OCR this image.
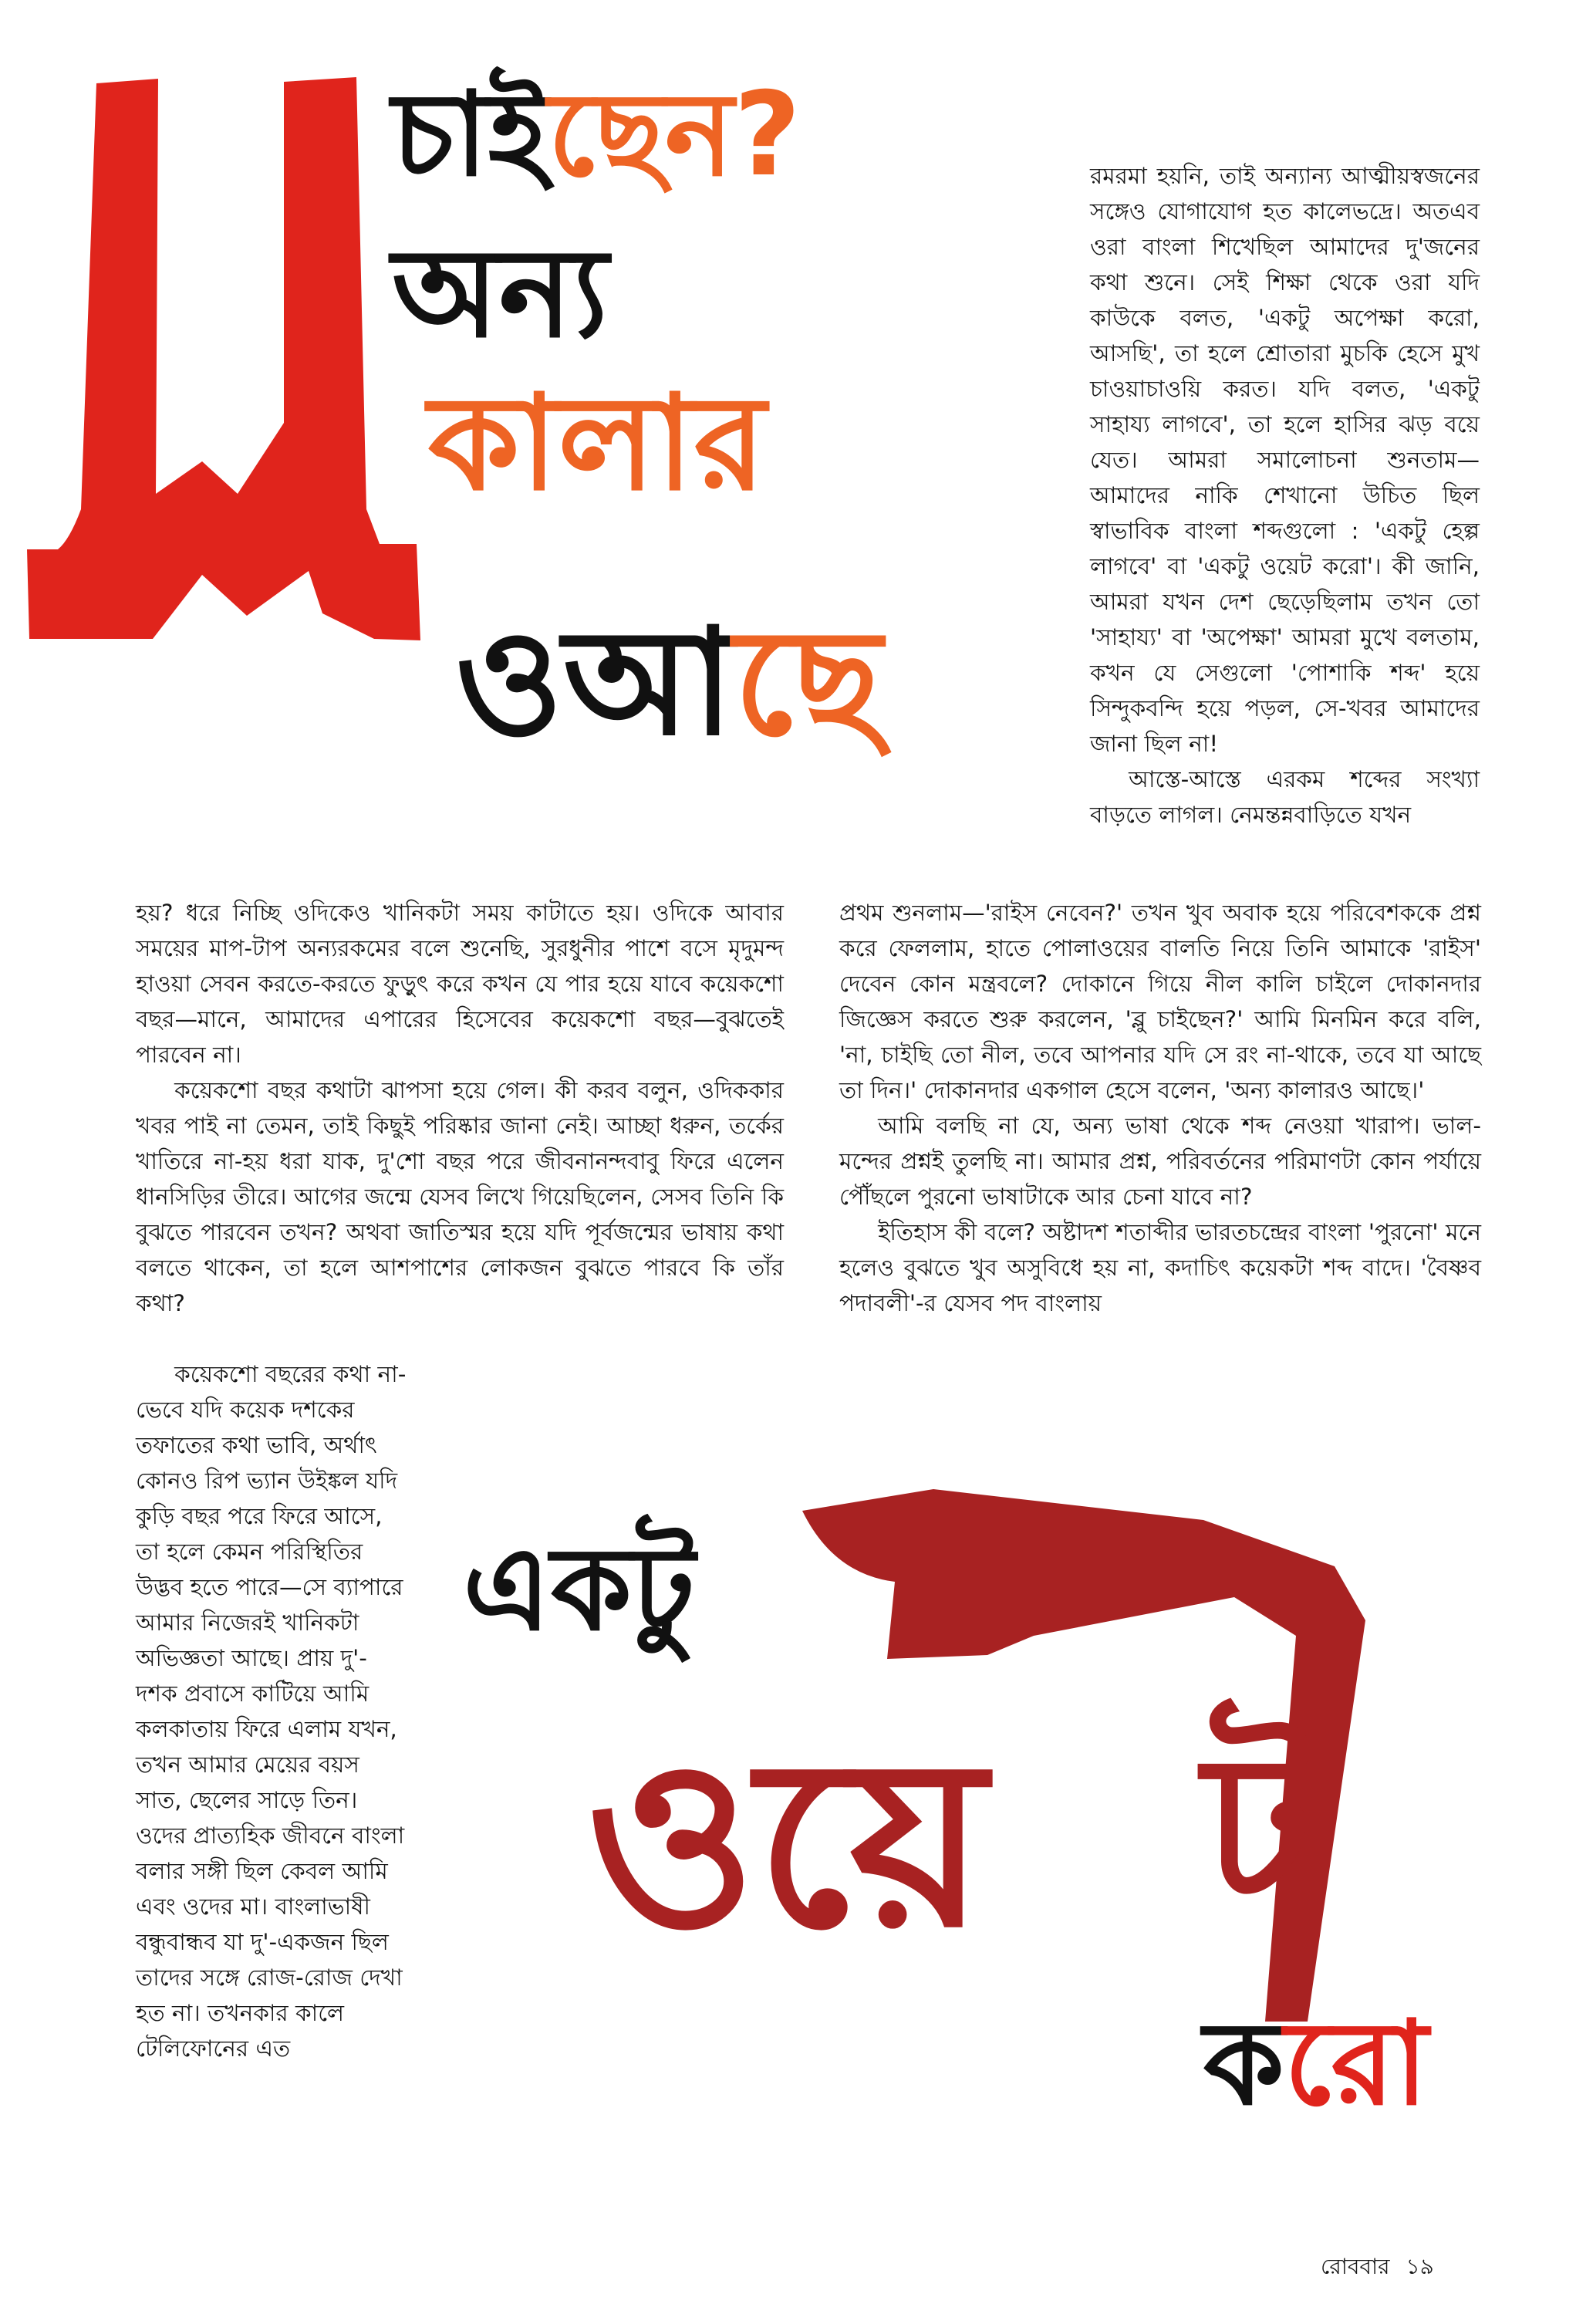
চাইছেন?
অন্য
কালার
ওআছে

রমরমা হয়নি, তাই অন্যান্য আত্মীয়স্বজনের সঙ্গেও যোগাযোগ হত কালেভদ্রে। অতএব ওরা বাংলা শিখেছিল আমাদের দু'জনের কথা শুনে। সেই শিক্ষা থেকে ওরা যদি কাউকে বলত, 'একটু অপেক্ষা করো, আসছি', তা হলে শ্রোতারা মুচকি হেসে মুখ চাওয়াচাওয়ি করত। যদি বলত, 'একটু সাহায্য লাগবে', তা হলে হাসির ঝড় বয়ে যেত। আমরা সমালোচনা শুনতাম—আমাদের নাকি শেখানো উচিত ছিল স্বাভাবিক বাংলা শব্দগুলো : 'একটু হেল্প লাগবে' বা 'একটু ওয়েট করো'। কী জানি, আমরা যখন দেশ ছেড়েছিলাম তখন তো 'সাহায্য' বা 'অপেক্ষা' আমরা মুখে বলতাম, কখন যে সেগুলো 'পোশাকি শব্দ' হয়ে সিন্দুকবন্দি হয়ে পড়ল, সে-খবর আমাদের জানা ছিল না!

আস্তে-আস্তে এরকম শব্দের সংখ্যা বাড়তে লাগল। নেমন্তন্নবাড়িতে যখন

হয়? ধরে নিচ্ছি ওদিকেও খানিকটা সময় কাটাতে হয়। ওদিকে আবার সময়ের মাপ-টাপ অন্যরকমের বলে শুনেছি, সুরধুনীর পাশে বসে মৃদুমন্দ হাওয়া সেবন করতে-করতে ফুড়ুৎ করে কখন যে পার হয়ে যাবে কয়েকশো বছর—মানে, আমাদের এপারের হিসেবের কয়েকশো বছর—বুঝতেই পারবেন না।

কয়েকশো বছর কথাটা ঝাপসা হয়ে গেল। কী করব বলুন, ওদিককার খবর পাই না তেমন, তাই কিছুই পরিষ্কার জানা নেই। আচ্ছা ধরুন, তর্কের খাতিরে না-হয় ধরা যাক, দু'শো বছর পরে জীবনানন্দবাবু ফিরে এলেন ধানসিড়ির তীরে। আগের জন্মে যেসব লিখে গিয়েছিলেন, সেসব তিনি কি বুঝতে পারবেন তখন? অথবা জাতিস্মর হয়ে যদি পূর্বজন্মের ভাষায় কথা বলতে থাকেন, তা হলে আশপাশের লোকজন বুঝতে পারবে কি তাঁর কথা?

প্রথম শুনলাম—'রাইস নেবেন?' তখন খুব অবাক হয়ে পরিবেশককে প্রশ্ন করে ফেললাম, হাতে পোলাওয়ের বালতি নিয়ে তিনি আমাকে 'রাইস' দেবেন কোন মন্ত্রবলে? দোকানে গিয়ে নীল কালি চাইলে দোকানদার জিজ্ঞেস করতে শুরু করলেন, 'ব্লু চাইছেন?' আমি মিনমিন করে বলি, 'না, চাইছি তো নীল, তবে আপনার যদি সে রং না-থাকে, তবে যা আছে তা দিন।' দোকানদার একগাল হেসে বলেন, 'অন্য কালারও আছে।'

আমি বলছি না যে, অন্য ভাষা থেকে শব্দ নেওয়া খারাপ। ভাল-মন্দের প্রশ্নই তুলছি না। আমার প্রশ্ন, পরিবর্তনের পরিমাণটা কোন পর্যায়ে পৌঁছলে পুরনো ভাষাটাকে আর চেনা যাবে না?

ইতিহাস কী বলে? অষ্টাদশ শতাব্দীর ভারতচন্দ্রের বাংলা 'পুরনো' মনে হলেও বুঝতে খুব অসুবিধে হয় না, কদাচিৎ কয়েকটা শব্দ বাদে। 'বৈষ্ণব পদাবলী'-র যেসব পদ বাংলায়

কয়েকশো বছরের কথা না-ভেবে যদি কয়েক দশকের তফাতের কথা ভাবি, অর্থাৎ কোনও রিপ ভ্যান উইঙ্কল যদি কুড়ি বছর পরে ফিরে আসে, তা হলে কেমন পরিস্থিতির উদ্ভব হতে পারে—সে ব্যাপারে আমার নিজেরই খানিকটা অভিজ্ঞতা আছে। প্রায় দু'-দশক প্রবাসে কাটিয়ে আমি কলকাতায় ফিরে এলাম যখন, তখন আমার মেয়ের বয়স সাত, ছেলের সাড়ে তিন। ওদের প্রাত্যহিক জীবনে বাংলা বলার সঙ্গী ছিল কেবল আমি এবং ওদের মা। বাংলাভাষী বন্ধুবান্ধব যা দু'-একজন ছিল তাদের সঙ্গে রোজ-রোজ দেখা হত না। তখনকার কালে টেলিফোনের এত

একটু
ওয়ে ট
করো
রোববার ১৯
